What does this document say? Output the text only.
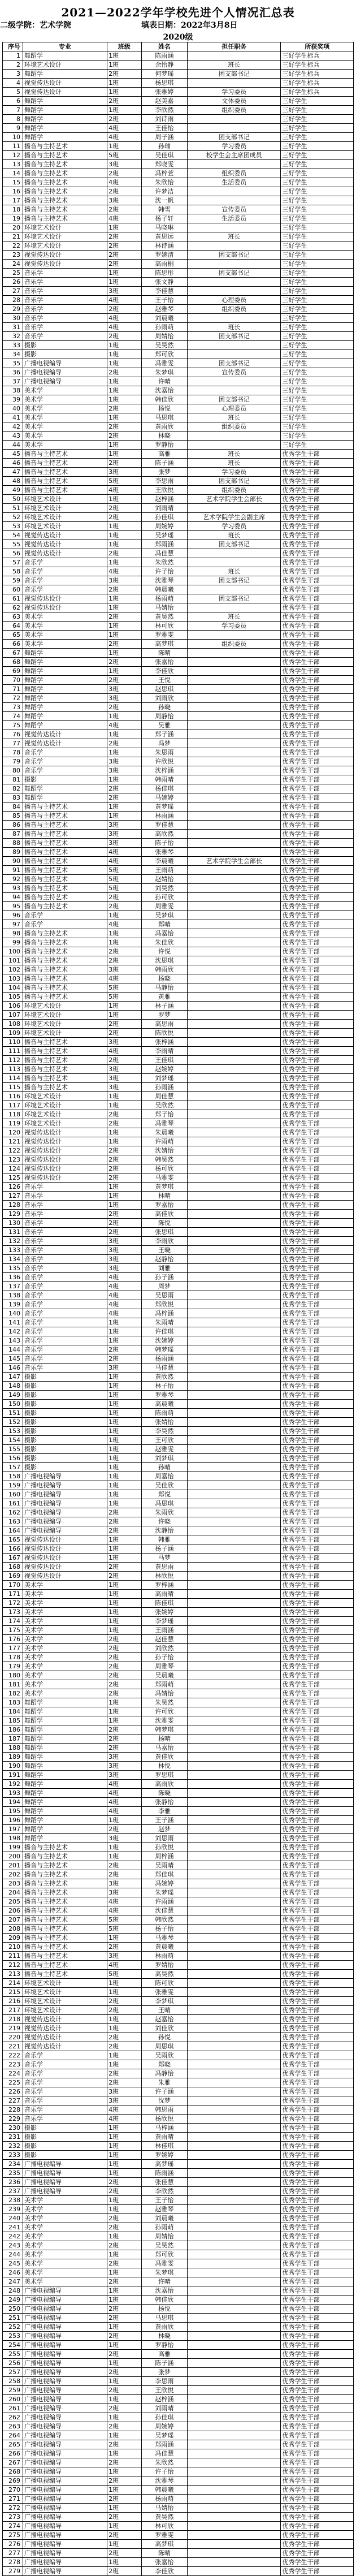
2021—2022学年学校先进个人情况汇总表
二级学院：艺术学院	填表日期：2022年3月8日
2020级
序号	专业	班级	姓名	担任职务	所获奖项
1	舞蹈学	1班	陈雨涵		三好学生标兵
2	环境艺术设计	1班	余怡静	班长	三好学生标兵
3	舞蹈学	2班	何梦瑶	团支部书记	三好学生标兵
4	视觉传达设计	1班	杨思琪		三好学生标兵
5	视觉传达设计	1班	张雅婷	学习委员	三好学生标兵
6	舞蹈学	2班	赵美嘉	文体委员	三好学生
7	舞蹈学	1班	李欣然	组织委员	三好学生
8	舞蹈学	2班	刘诗雨		三好学生
9	舞蹈学	4班	王佳怡		三好学生
10	舞蹈学	4班	周子涵	团支部书记	三好学生
11	播音与主持艺术	1班	孙瑞	学习委员	三好学生
12	播音与主持艺术	5班	吴佳琪	校学生会主席团成员	三好学生
13	播音与主持艺术	3班	郑晓雯		三好学生
14	播音与主持艺术	2班	冯梓萱	组织委员	三好学生
15	播音与主持艺术	4班	朱欣怡	生活委员	三好学生
16	播音与主持艺术	2班	许梦洁		三好学生
17	播音与主持艺术	3班	沈一帆		三好学生
18	播音与主持艺术	2班	韩雪	宣传委员	三好学生
19	播音与主持艺术	4班	杨子轩	生活委员	三好学生
20	环境艺术设计	1班	马晓琳		三好学生
21	环境艺术设计	2班	黄思远	班长	三好学生
22	环境艺术设计	2班	林诗涵		三好学生
23	视觉传达设计	2班	罗婉清	团支部书记	三好学生
24	视觉传达设计	2班	高雨桐		三好学生
25	音乐学	1班	陈思彤	团支部书记	三好学生
26	音乐学	1班	张文静		三好学生
27	音乐学	3班	李佳慧		三好学生
28	音乐学	4班	王子怡	心理委员	三好学生
29	音乐学	2班	赵雅琴	组织委员	三好学生
30	音乐学	4班	刘晨曦		三好学生
31	音乐学	4班	孙雨萌	班长	三好学生
32	音乐学	2班	周婧怡	团支部书记	三好学生
33	摄影	1班	吴昊然		三好学生
34	摄影	1班	郑可欣		三好学生
35	广播电视编导	1班	冯雅雯	团支部书记	三好学生
36	广播电视编导	2班	朱梦琪	宣传委员	三好学生
37	广播电视编导	1班	许晴		三好学生
38	美术学	1班	沈嘉怡		三好学生
39	美术学	1班	韩佳欣	团支部书记	三好学生
40	美术学	2班	杨悦	心理委员	三好学生
41	美术学	1班	马思琪	班长	三好学生
42	美术学	2班	黄雨欣	组织委员	三好学生
43	美术学	2班	林晓		三好学生
44	美术学	1班	罗静怡		三好学生
45	播音与主持艺术	1班	高雅	班长	优秀学生干部
46	播音与主持艺术	2班	陈子涵	班长	优秀学生干部
47	播音与主持艺术	3班	张梦	学习委员	优秀学生干部
48	播音与主持艺术	5班	李思雨	团支部书记	优秀学生干部
49	播音与主持艺术	4班	王欣悦	组织委员	优秀学生干部
50	环境艺术设计	1班	赵梓涵	艺术学院学生会部长	优秀学生干部
51	环境艺术设计	2班	刘雨晴		优秀学生干部
52	环境艺术设计	2班	孙佳琪	艺术学院学生会副主席	优秀学生干部
53	环境艺术设计	1班	周婉婷	学习委员	优秀学生干部
54	视觉传达设计	1班	吴梦瑶	班长	优秀学生干部
55	视觉传达设计	1班	郑雨涵	团支部书记	优秀学生干部
56	视觉传达设计	2班	冯佳慧		优秀学生干部
57	音乐学	1班	朱欣然		优秀学生干部
58	音乐学	4班	许子怡	班长	优秀学生干部
59	音乐学	3班	沈雅琴	团支部书记	优秀学生干部
60	音乐学	2班	韩晨曦		优秀学生干部
61	视觉传达设计	1班	杨雨萌	团支部书记	优秀学生干部
62	视觉传达设计	1班	马婧怡		优秀学生干部
63	美术学	2班	黄昊然	班长	优秀学生干部
64	美术学	1班	林可欣	学习委员	优秀学生干部
65	美术学	1班	罗雅雯		优秀学生干部
66	美术学	2班	高梦琪	组织委员	优秀学生干部
67	舞蹈学	1班	陈晴		优秀学生干部
68	舞蹈学	2班	张嘉怡		优秀学生干部
69	舞蹈学	1班	李佳欣		优秀学生干部
70	舞蹈学	2班	王悦		优秀学生干部
71	舞蹈学	3班	赵思琪		优秀学生干部
72	舞蹈学	3班	刘雨欣		优秀学生干部
73	舞蹈学	2班	孙晓		优秀学生干部
74	舞蹈学	1班	周静怡		优秀学生干部
75	舞蹈学	4班	吴雅		优秀学生干部
76	视觉传达设计	1班	郑子涵		优秀学生干部
77	视觉传达设计	2班	冯梦		优秀学生干部
78	音乐学	1班	朱思雨		优秀学生干部
79	音乐学	3班	许欣悦		优秀学生干部
80	音乐学	3班	沈梓涵		优秀学生干部
81	摄影	1班	韩雨晴		优秀学生干部
82	舞蹈学	2班	杨佳琪		优秀学生干部
83	舞蹈学	2班	马婉婷		优秀学生干部
84	播音与主持艺术	1班	黄梦瑶		优秀学生干部
85	播音与主持艺术	1班	林雨涵		优秀学生干部
86	播音与主持艺术	3班	罗佳慧		优秀学生干部
87	播音与主持艺术	3班	高欣然		优秀学生干部
88	播音与主持艺术	3班	陈子怡		优秀学生干部
89	播音与主持艺术	4班	张雅琴		优秀学生干部
90	播音与主持艺术	4班	李晨曦	艺术学院学生会部长	优秀学生干部
91	播音与主持艺术	5班	王雨萌		优秀学生干部
92	播音与主持艺术	5班	赵婧怡		优秀学生干部
93	播音与主持艺术	5班	刘昊然		优秀学生干部
94	播音与主持艺术	2班	孙可欣		优秀学生干部
95	播音与主持艺术	2班	周雅雯		优秀学生干部
96	音乐学	1班	吴梦琪		优秀学生干部
97	音乐学	4班	郑晴		优秀学生干部
98	播音与主持艺术	1班	冯嘉怡		优秀学生干部
99	播音与主持艺术	1班	朱佳欣		优秀学生干部
100	播音与主持艺术	2班	许悦		优秀学生干部
101	播音与主持艺术	2班	沈思琪		优秀学生干部
102	播音与主持艺术	3班	韩雨欣		优秀学生干部
103	播音与主持艺术	4班	杨晓		优秀学生干部
104	播音与主持艺术	5班	马静怡		优秀学生干部
105	播音与主持艺术	5班	黄雅		优秀学生干部
106	环境艺术设计	1班	林子涵		优秀学生干部
107	环境艺术设计	1班	罗梦		优秀学生干部
108	环境艺术设计	2班	高思雨		优秀学生干部
109	环境艺术设计	2班	陈欣悦		优秀学生干部
110	播音与主持艺术	3班	张梓涵		优秀学生干部
111	播音与主持艺术	4班	李雨晴		优秀学生干部
112	播音与主持艺术	2班	王佳琪		优秀学生干部
113	播音与主持艺术	3班	赵婉婷		优秀学生干部
114	播音与主持艺术	3班	刘梦瑶		优秀学生干部
115	播音与主持艺术	3班	孙雨涵		优秀学生干部
116	环境艺术设计	1班	周佳慧		优秀学生干部
117	环境艺术设计	1班	吴欣然		优秀学生干部
118	环境艺术设计	2班	郑子怡		优秀学生干部
119	环境艺术设计	2班	冯雅琴		优秀学生干部
120	视觉传达设计	1班	朱晨曦		优秀学生干部
121	视觉传达设计	1班	许雨萌		优秀学生干部
122	视觉传达设计	2班	沈婧怡		优秀学生干部
123	视觉传达设计	2班	韩昊然		优秀学生干部
124	视觉传达设计	2班	杨可欣		优秀学生干部
125	视觉传达设计	2班	马雅雯		优秀学生干部
126	音乐学	1班	黄梦琪		优秀学生干部
127	音乐学	1班	林晴		优秀学生干部
128	音乐学	1班	罗嘉怡		优秀学生干部
129	音乐学	2班	高佳欣		优秀学生干部
130	音乐学	2班	陈悦		优秀学生干部
131	音乐学	2班	张思琪		优秀学生干部
132	音乐学	3班	李雨欣		优秀学生干部
133	音乐学	3班	王晓		优秀学生干部
134	音乐学	3班	赵静怡		优秀学生干部
135	音乐学	3班	刘雅		优秀学生干部
136	音乐学	4班	孙子涵		优秀学生干部
137	音乐学	4班	周梦		优秀学生干部
138	音乐学	4班	吴思雨		优秀学生干部
139	音乐学	4班	郑欣悦		优秀学生干部
140	音乐学	4班	冯梓涵		优秀学生干部
141	音乐学	1班	朱雨晴		优秀学生干部
142	音乐学	1班	许佳琪		优秀学生干部
143	音乐学	1班	沈婉婷		优秀学生干部
144	音乐学	2班	韩梦瑶		优秀学生干部
145	音乐学	2班	杨雨涵		优秀学生干部
146	音乐学	3班	马佳慧		优秀学生干部
147	摄影	1班	黄欣然		优秀学生干部
148	摄影	1班	林子怡		优秀学生干部
149	摄影	1班	罗雅琴		优秀学生干部
150	摄影	1班	高晨曦		优秀学生干部
151	摄影	1班	陈雨萌		优秀学生干部
152	摄影	1班	张婧怡		优秀学生干部
153	摄影	1班	李昊然		优秀学生干部
154	摄影	1班	王可欣		优秀学生干部
155	摄影	1班	赵雅雯		优秀学生干部
156	摄影	1班	刘梦琪		优秀学生干部
157	摄影	1班	孙晴		优秀学生干部
158	广播电视编导	1班	周嘉怡		优秀学生干部
159	广播电视编导	1班	吴佳欣		优秀学生干部
160	广播电视编导	1班	郑悦		优秀学生干部
161	广播电视编导	1班	冯思琪		优秀学生干部
162	广播电视编导	2班	朱雨欣		优秀学生干部
163	广播电视编导	2班	许晓		优秀学生干部
164	广播电视编导	2班	沈静怡		优秀学生干部
165	视觉传达设计	1班	韩雅		优秀学生干部
166	视觉传达设计	1班	杨子涵		优秀学生干部
167	视觉传达设计	1班	马梦		优秀学生干部
168	视觉传达设计	2班	黄思雨		优秀学生干部
169	视觉传达设计	2班	林欣悦		优秀学生干部
170	美术学	1班	罗梓涵		优秀学生干部
171	美术学	1班	高雨晴		优秀学生干部
172	美术学	1班	陈佳琪		优秀学生干部
173	美术学	1班	张婉婷		优秀学生干部
174	美术学	1班	李梦瑶		优秀学生干部
175	美术学	1班	王雨涵		优秀学生干部
176	美术学	2班	赵佳慧		优秀学生干部
177	美术学	2班	刘欣然		优秀学生干部
178	美术学	2班	孙子怡		优秀学生干部
179	美术学	2班	周雅琴		优秀学生干部
180	美术学	2班	吴晨曦		优秀学生干部
181	美术学	2班	郑雨萌		优秀学生干部
182	美术学	2班	冯婧怡		优秀学生干部
183	舞蹈学	1班	朱昊然		优秀学生干部
184	舞蹈学	1班	许可欣		优秀学生干部
185	舞蹈学	1班	沈雅雯		优秀学生干部
186	舞蹈学	2班	韩梦琪		优秀学生干部
187	舞蹈学	2班	杨晴		优秀学生干部
188	舞蹈学	2班	马嘉怡		优秀学生干部
189	舞蹈学	3班	黄佳欣		优秀学生干部
190	舞蹈学	3班	林悦		优秀学生干部
191	舞蹈学	3班	罗思琪		优秀学生干部
192	舞蹈学	4班	高雨欣		优秀学生干部
193	舞蹈学	4班	陈晓		优秀学生干部
194	舞蹈学	4班	张静怡		优秀学生干部
195	舞蹈学	4班	李雅		优秀学生干部
196	舞蹈学	1班	王子涵		优秀学生干部
197	舞蹈学	2班	赵梦		优秀学生干部
198	舞蹈学	3班	刘思雨		优秀学生干部
199	播音与主持艺术	1班	孙欣悦		优秀学生干部
200	播音与主持艺术	1班	周梓涵		优秀学生干部
201	播音与主持艺术	2班	吴雨晴		优秀学生干部
202	播音与主持艺术	2班	郑佳琪		优秀学生干部
203	播音与主持艺术	3班	冯婉婷		优秀学生干部
204	播音与主持艺术	3班	朱梦瑶		优秀学生干部
205	播音与主持艺术	4班	许雨涵		优秀学生干部
206	播音与主持艺术	4班	沈佳慧		优秀学生干部
207	播音与主持艺术	5班	韩欣然		优秀学生干部
208	播音与主持艺术	5班	杨子怡		优秀学生干部
209	播音与主持艺术	1班	马雅琴		优秀学生干部
210	播音与主持艺术	2班	黄晨曦		优秀学生干部
211	播音与主持艺术	3班	林雨萌		优秀学生干部
212	播音与主持艺术	4班	罗婧怡		优秀学生干部
213	播音与主持艺术	5班	高昊然		优秀学生干部
214	环境艺术设计	1班	陈可欣		优秀学生干部
215	环境艺术设计	1班	张雅雯		优秀学生干部
216	环境艺术设计	2班	李梦琪		优秀学生干部
217	环境艺术设计	2班	王晴		优秀学生干部
218	视觉传达设计	1班	赵嘉怡		优秀学生干部
219	视觉传达设计	1班	刘佳欣		优秀学生干部
220	视觉传达设计	2班	孙悦		优秀学生干部
221	视觉传达设计	2班	周思琪		优秀学生干部
222	音乐学	1班	吴雨欣		优秀学生干部
223	音乐学	1班	郑晓		优秀学生干部
224	音乐学	2班	冯静怡		优秀学生干部
225	音乐学	2班	朱雅		优秀学生干部
226	音乐学	3班	许子涵		优秀学生干部
227	音乐学	3班	沈梦		优秀学生干部
228	音乐学	4班	韩思雨		优秀学生干部
229	音乐学	4班	杨欣悦		优秀学生干部
230	摄影	1班	马梓涵		优秀学生干部
231	摄影	1班	黄雨晴		优秀学生干部
232	摄影	1班	林佳琪		优秀学生干部
233	摄影	1班	罗婉婷		优秀学生干部
234	广播电视编导	1班	高梦瑶		优秀学生干部
235	广播电视编导	1班	陈雨涵		优秀学生干部
236	广播电视编导	2班	张佳慧		优秀学生干部
237	广播电视编导	2班	李欣然		优秀学生干部
238	美术学	1班	王子怡		优秀学生干部
239	美术学	1班	赵雅琴		优秀学生干部
240	美术学	2班	刘晨曦		优秀学生干部
241	美术学	2班	孙雨萌		优秀学生干部
242	美术学	1班	周婧怡		优秀学生干部
243	美术学	2班	吴昊然		优秀学生干部
244	美术学	1班	郑可欣		优秀学生干部
245	美术学	2班	冯雅雯		优秀学生干部
246	美术学	1班	朱梦琪		优秀学生干部
247	美术学	2班	许晴		优秀学生干部
248	广播电视编导	1班	沈嘉怡		优秀学生干部
249	广播电视编导	1班	韩佳欣		优秀学生干部
250	广播电视编导	2班	杨悦		优秀学生干部
251	广播电视编导	2班	马思琪		优秀学生干部
252	广播电视编导	1班	黄雨欣		优秀学生干部
253	广播电视编导	2班	林晓		优秀学生干部
254	广播电视编导	1班	罗静怡		优秀学生干部
255	广播电视编导	2班	高雅		优秀学生干部
256	广播电视编导	1班	陈子涵		优秀学生干部
257	广播电视编导	2班	张梦		优秀学生干部
258	广播电视编导	1班	李思雨		优秀学生干部
259	广播电视编导	2班	王欣悦		优秀学生干部
260	广播电视编导	1班	赵梓涵		优秀学生干部
261	广播电视编导	2班	刘雨晴		优秀学生干部
262	广播电视编导	1班	孙佳琪		优秀学生干部
263	广播电视编导	2班	周婉婷		优秀学生干部
264	广播电视编导	1班	吴梦瑶		优秀学生干部
265	广播电视编导	2班	郑雨涵		优秀学生干部
266	广播电视编导	1班	冯佳慧		优秀学生干部
267	广播电视编导	2班	朱欣然		优秀学生干部
268	广播电视编导	1班	许子怡		优秀学生干部
269	广播电视编导	2班	沈雅琴		优秀学生干部
270	广播电视编导	1班	韩晨曦		优秀学生干部
271	广播电视编导	2班	杨雨萌		优秀学生干部
272	广播电视编导	1班	马婧怡		优秀学生干部
273	广播电视编导	2班	黄昊然		优秀学生干部
274	广播电视编导	1班	林可欣		优秀学生干部
275	广播电视编导	2班	罗雅雯		优秀学生干部
276	广播电视编导	1班	高梦琪		优秀学生干部
277	广播电视编导	2班	陈晴		优秀学生干部
278	广播电视编导	1班	张嘉怡		优秀学生干部
279	广播电视编导	2班	李佳欣		优秀学生干部
